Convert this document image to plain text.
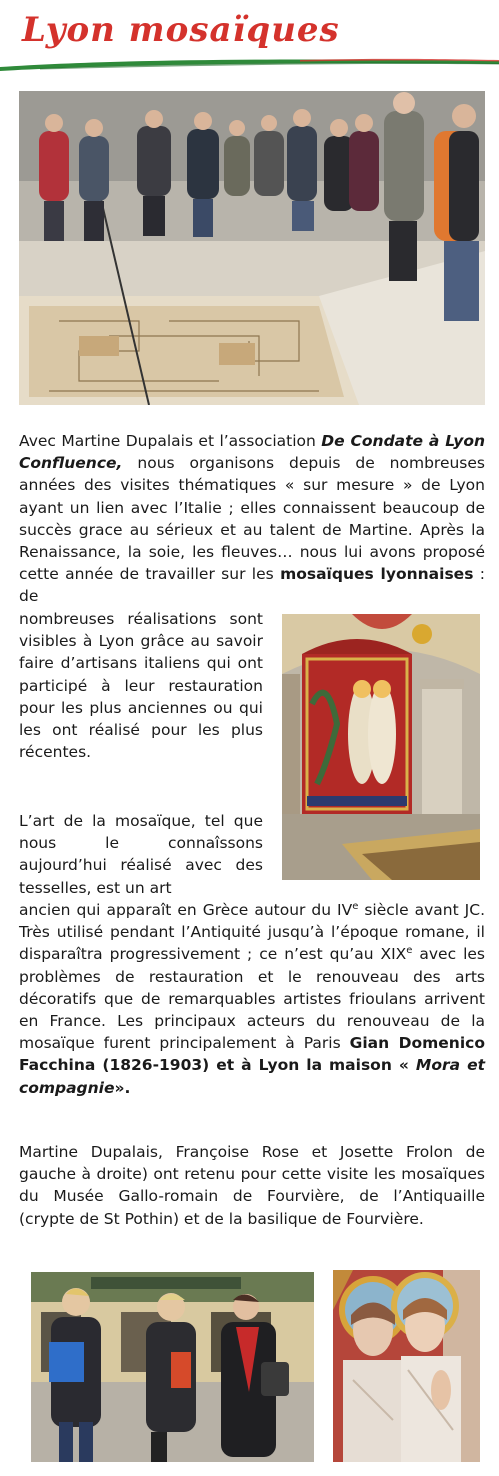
Lyon mosaïques

Avec Martine Dupalais et l’association De Condate à Lyon Confluence, nous organisons depuis de nombreuses années des visites thématiques « sur mesure » de Lyon ayant un lien avec l’Italie ; elles connaissent beaucoup de succès grace au sérieux et au talent de Martine. Après la Renaissance, la soie, les fleuves… nous lui avons proposé cette année de travailler sur les mosaïques lyonnaises : de

nombreuses réalisations sont visibles à Lyon grâce au savoir faire d’artisans italiens qui ont participé à leur restauration pour les plus anciennes ou qui les ont réalisé pour les plus récentes.

L’art de la mosaïque, tel que nous le connaîssons aujourd’hui réalisé avec des tesselles, est un art

ancien qui apparaît en Grèce autour du IVe siècle avant JC. Très utilisé pendant l’Antiquité jusqu’à l’époque romane, il disparaîtra progressivement ; ce n’est qu’au XIXe avec les problèmes de restauration et le renouveau des arts décoratifs que de remarquables artistes frioulans arrivent en France. Les principaux acteurs du renouveau de la mosaïque furent principalement à Paris Gian Domenico Facchina (1826-1903) et à Lyon la maison « Mora et compagnie».

Martine Dupalais, Françoise Rose et Josette Frolon de gauche à droite) ont retenu pour cette visite les mosaïques du Musée Gallo-romain de Fourvière, de l’Antiquaille (crypte de St Pothin) et de la basilique de Fourvière.
